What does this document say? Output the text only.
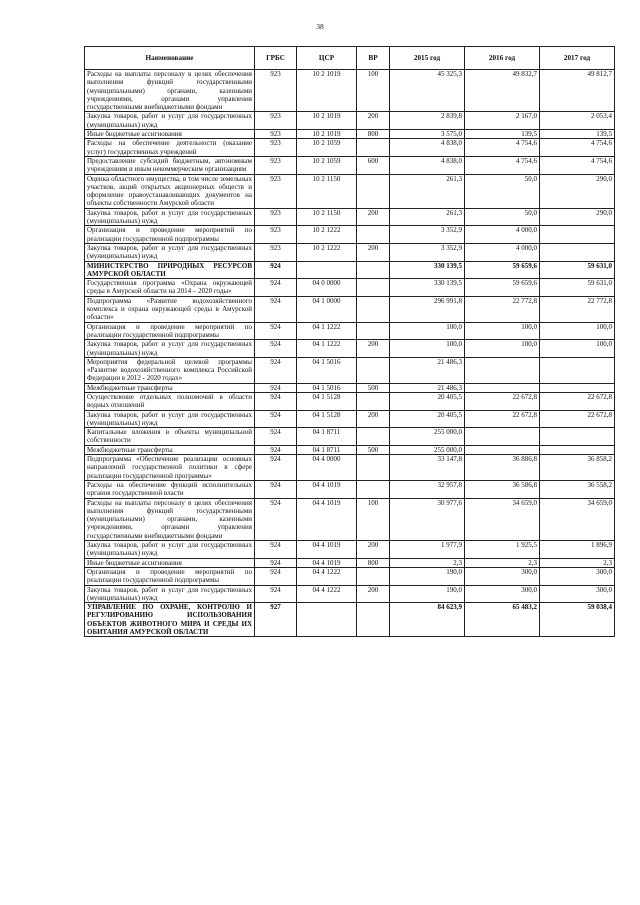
38
Наименование	ГРБС	ЦСР	ВР	2015 год	2016 год	2017 год
Расходы на выплаты персоналу в целях обеспечения выполнения функций государственными (муниципальными) органами, казенными учреждениями, органами управления государственными внебюджетными фондами	923	10 2 1019	100	45 325,3	49 832,7	49 812,7
Закупка товаров, работ и услуг для государственных (муниципальных) нужд	923	10 2 1019	200	2 839,8	2 167,0	2 053,4
Иные бюджетные ассигнования	923	10 2 1019	800	3 575,0	139,5	139,5
Расходы на обеспечение деятельности (оказание услуг) государственных учреждений	923	10 2 1059		4 838,0	4 754,6	4 754,6
Предоставление субсидий бюджетным, автономным учреждениям и иным некоммерческим организациям	923	10 2 1059	600	4 838,0	4 754,6	4 754,6
Оценка областного имущества, в том числе земельных участков, акций открытых акционерных обществ и оформление правоустанавливающих документов на объекты собственности Амурской области	923	10 2 1150		261,3	50,0	290,0
Закупка товаров, работ и услуг для государственных (муниципальных) нужд	923	10 2 1150	200	261,3	50,0	290,0
Организация и проведение мероприятий по реализации государственной подпрограммы	923	10 2 1222		3 352,9	4 000,0	
Закупка товаров, работ и услуг для государственных (муниципальных) нужд	923	10 2 1222	200	3 352,9	4 000,0	
МИНИСТЕРСТВО ПРИРОДНЫХ РЕСУРСОВ АМУРСКОЙ ОБЛАСТИ	924			330 139,5	59 659,6	59 631,0
Государственная программа «Охрана окружающей среды в Амурской области на 2014 – 2020 годы»	924	04 0 0000		330 139,5	59 659,6	59 631,0
Подпрограмма «Развитие водохозяйственного комплекса и охрана окружающей среды в Амурской области»	924	04 1 0000		296 991,8	22 772,8	22 772,8
Организация и проведение мероприятий по реализации государственной подпрограммы	924	04 1 1222		100,0	100,0	100,0
Закупка товаров, работ и услуг для государственных (муниципальных) нужд	924	04 1 1222	200	100,0	100,0	100,0
Мероприятия федеральной целевой программы «Развитие водохозяйственного комплекса Российской Федерации в 2012 - 2020 годах»	924	04 1 5016		21 486,3		
Межбюджетные трансферты	924	04 1 5016	500	21 486,3		
Осуществление отдельных полномочий в области водных отношений	924	04 1 5128		20 405,5	22 672,8	22 672,8
Закупка товаров, работ и услуг для государственных (муниципальных) нужд	924	04 1 5128	200	20 405,5	22 672,8	22 672,8
Капитальные вложения в объекты муниципальной собственности	924	04 1 8711		255 000,0		
Межбюджетные трансферты	924	04 1 8711	500	255 000,0		
Подпрограмма «Обеспечение реализации основных направлений государственной политики в сфере реализации государственной программы»	924	04 4 0000		33 147,8	36 886,8	36 858,2
Расходы на обеспечение функций исполнительных органов государственной власти	924	04 4 1019		32 957,8	36 586,8	36 558,2
Расходы на выплаты персоналу в целях обеспечения выполнения функций государственными (муниципальными) органами, казенными учреждениями, органами управления государственными внебюджетными фондами	924	04 4 1019	100	30 977,6	34 659,0	34 659,0
Закупка товаров, работ и услуг для государственных (муниципальных) нужд	924	04 4 1019	200	1 977,9	1 925,5	1 896,9
Иные бюджетные ассигнования	924	04 4 1019	800	2,3	2,3	2,3
Организация и проведение мероприятий по реализации государственной подпрограммы	924	04 4 1222		190,0	300,0	300,0
Закупка товаров, работ и услуг для государственных (муниципальных) нужд	924	04 4 1222	200	190,0	300,0	300,0
УПРАВЛЕНИЕ ПО ОХРАНЕ, КОНТРОЛЮ И РЕГУЛИРОВАНИЮ ИСПОЛЬЗОВАНИЯ ОБЪЕКТОВ ЖИВОТНОГО МИРА И СРЕДЫ ИХ ОБИТАНИЯ АМУРСКОЙ ОБЛАСТИ	927			84 623,9	65 483,2	59 038,4
